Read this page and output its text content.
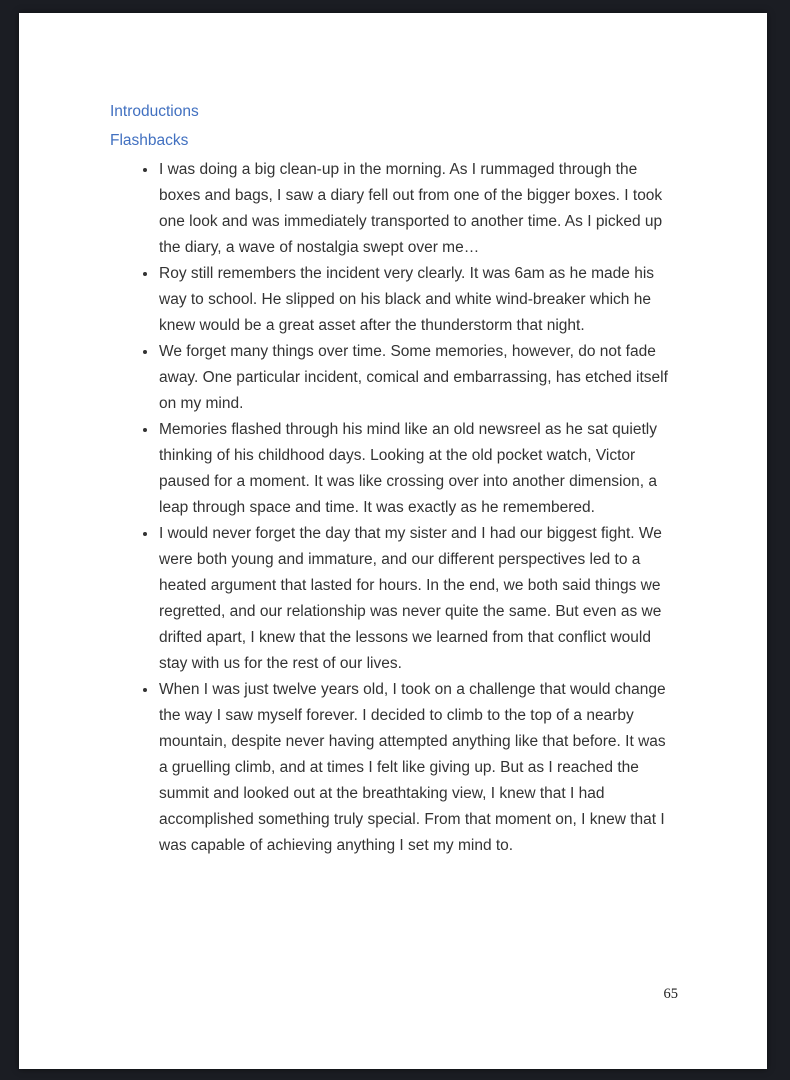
Introductions
Flashbacks
• I was doing a big clean-up in the morning. As I rummaged through the boxes and bags, I saw a diary fell out from one of the bigger boxes. I took one look and was immediately transported to another time. As I picked up the diary, a wave of nostalgia swept over me…
• Roy still remembers the incident very clearly. It was 6am as he made his way to school. He slipped on his black and white wind-breaker which he knew would be a great asset after the thunderstorm that night.
• We forget many things over time. Some memories, however, do not fade away. One particular incident, comical and embarrassing, has etched itself on my mind.
• Memories flashed through his mind like an old newsreel as he sat quietly thinking of his childhood days. Looking at the old pocket watch, Victor paused for a moment. It was like crossing over into another dimension, a leap through space and time. It was exactly as he remembered.
• I would never forget the day that my sister and I had our biggest fight. We were both young and immature, and our different perspectives led to a heated argument that lasted for hours. In the end, we both said things we regretted, and our relationship was never quite the same. But even as we drifted apart, I knew that the lessons we learned from that conflict would stay with us for the rest of our lives.
• When I was just twelve years old, I took on a challenge that would change the way I saw myself forever. I decided to climb to the top of a nearby mountain, despite never having attempted anything like that before. It was a gruelling climb, and at times I felt like giving up. But as I reached the summit and looked out at the breathtaking view, I knew that I had accomplished something truly special. From that moment on, I knew that I was capable of achieving anything I set my mind to.
65
